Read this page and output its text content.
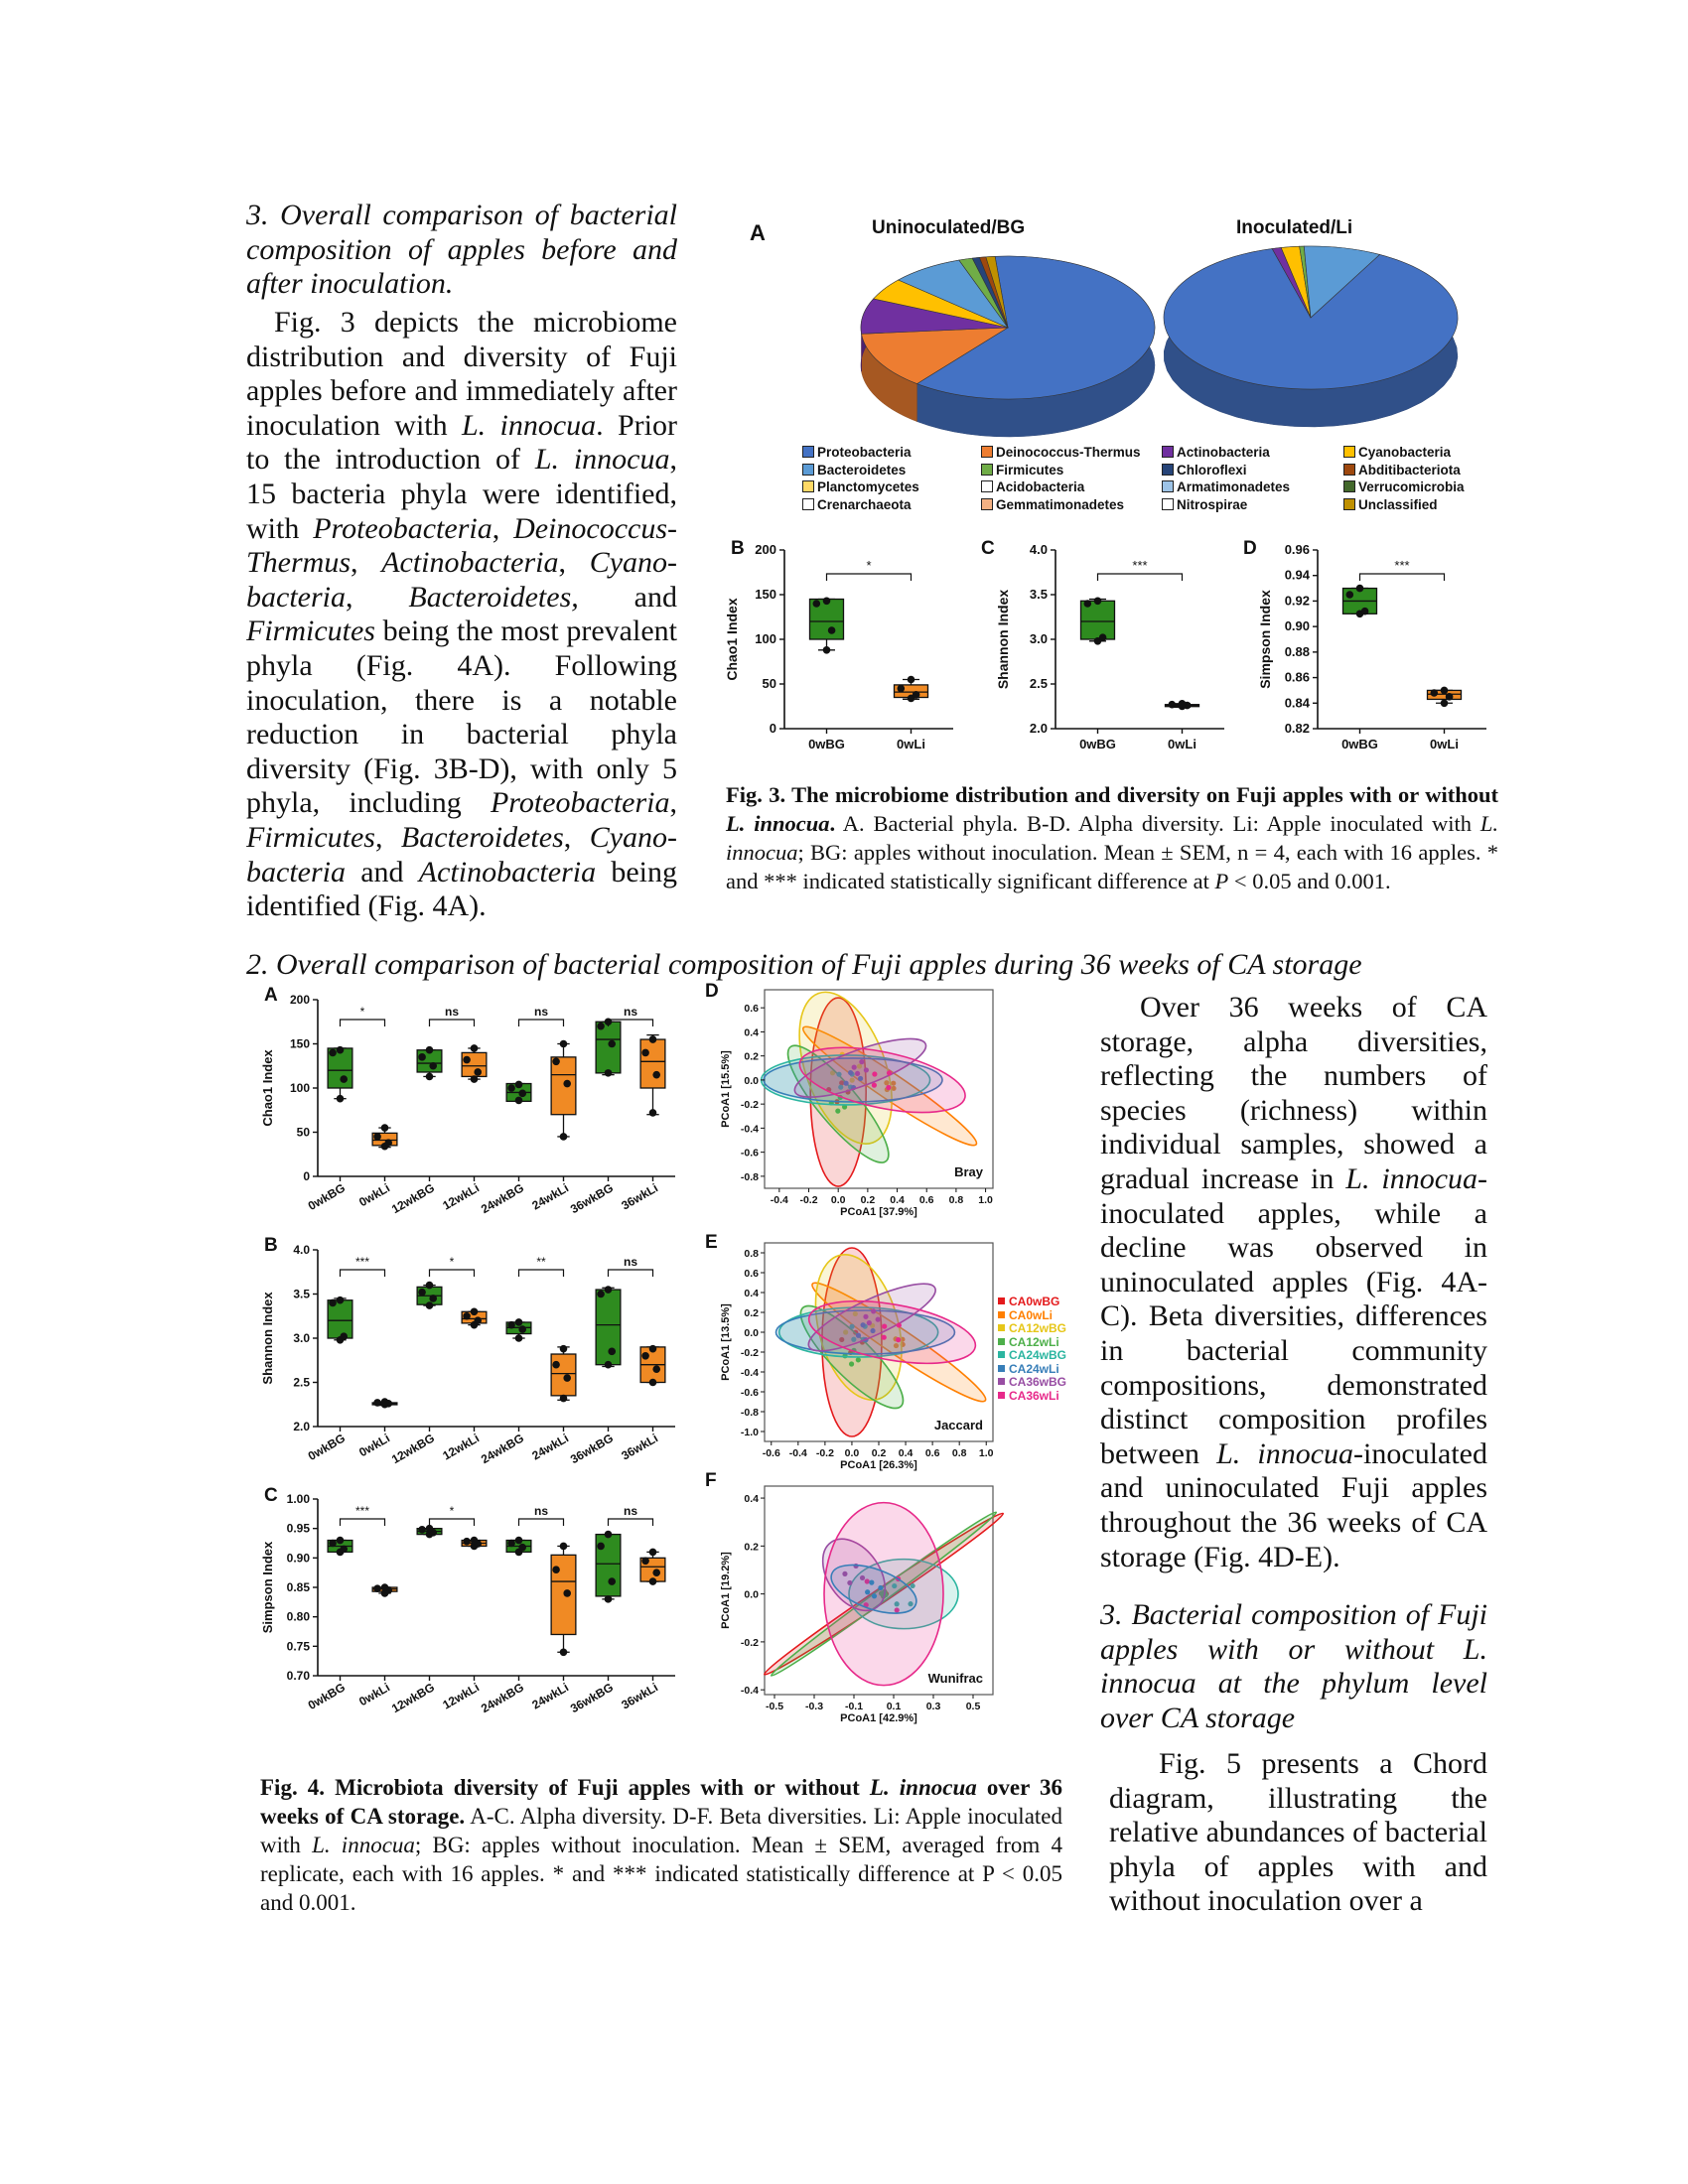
3. Overall comparison of bacterial composition of apples before and after inoculation.
Fig. 3 depicts the microbiome distribution and diversity of Fuji apples before and immediately after inoculation with L. innocua. Prior to the introduction of L. innocua, 15 bacteria phyla were identified, with Proteobacteria, Deinococcus-Thermus, Actinobacteria, Cyano-bacteria, Bacteroidetes, and Firmicutes being the most prevalent phyla (Fig. 4A). Following inoculation, there is a notable reduction in bacterial phyla diversity (Fig. 3B-D), with only 5 phyla, including Proteobacteria, Firmicutes, Bacteroidetes, Cyano-bacteria and Actinobacteria being identified (Fig. 4A).
A	Uninoculated/BG	Inoculated/Li
Proteobacteria	Deinococcus-Thermus	Actinobacteria	Cyanobacteria
Bacteroidetes	Firmicutes	Chloroflexi	Abditibacteriota
Planctomycetes	Acidobacteria	Armatimonadetes	Verrucomicrobia
Crenarchaeota	Gemmatimonadetes	Nitrospirae	Unclassified
0
50
100
150
200
Chao1 Index
0wBG	0wLi
*
B
2.0
2.5
3.0
3.5
4.0
Shannon Index
0wBG	0wLi
***
C
0.82
0.84
0.86
0.88
0.90
0.92
0.94
0.96
Simpson Index
0wBG	0wLi
***
D
Fig. 3. The microbiome distribution and diversity on Fuji apples with or without L. innocua. A. Bacterial phyla. B-D. Alpha diversity. Li: Apple inoculated with L. innocua; BG: apples without inoculation. Mean ± SEM, n = 4, each with 16 apples. * and *** indicated statistically significant difference at P < 0.05 and 0.001.
2. Overall comparison of bacterial composition of Fuji apples during 36 weeks of CA storage
0
50
100
150
200
Chao1 Index
0wkBG 0wkLi
12wkBG 12wkLi
24wkBG 24wkLi
36wkBG 36wkLi
*	ns	ns	ns
A
2.0
2.5
3.0
3.5
4.0
Shannon Index
0wkBG 0wkLi
12wkBG 12wkLi
24wkBG 24wkLi
36wkBG 36wkLi
***	*	**	ns
B
0.70
0.75
0.80
0.85
0.90
0.95
1.00
Simpson Index
0wkBG 0wkLi
12wkBG 12wkLi
24wkBG 24wkLi
36wkBG 36wkLi
***	*	ns	ns
C
-0.8
-0.6
-0.4
-0.2
0.0
0.2
0.4
0.6
-0.4 -0.2 0.0 0.2 0.4 0.6 0.8 1.0
PCoA1 [37.9%]
PCoA1 [15.5%]
Bray
D
-1.0
-0.8
-0.6
-0.4
-0.2
0.0
0.2
0.4
0.6
0.8
-0.6 -0.4 -0.2 0.0 0.2 0.4 0.6 0.8 1.0
PCoA1 [26.3%]
PCoA1 [13.5%]
Jaccard
E
-0.4
-0.2
0.0
0.2
0.4
-0.5 -0.3 -0.1 0.1 0.3 0.5
PCoA1 [42.9%]
PCoA1 [19.2%]
Wunifrac
F
CA0wBG
CA0wLi
CA12wBG
CA12wLi
CA24wBG
CA24wLi
CA36wBG
CA36wLi
Fig. 4. Microbiota diversity of Fuji apples with or without L. innocua over 36 weeks of CA storage. A-C. Alpha diversity. D-F. Beta diversities. Li: Apple inoculated with L. innocua; BG: apples without inoculation. Mean ± SEM, averaged from 4 replicate, each with 16 apples. * and *** indicated statistically difference at P < 0.05 and 0.001.
Over 36 weeks of CA storage, alpha diversities, reflecting the numbers of species (richness) within individual samples, showed a gradual increase in L. innocua-inoculated apples, while a decline was observed in uninoculated apples (Fig. 4A-C). Beta diversities, differences in bacterial community compositions, demonstrated distinct composition profiles between L. innocua-inoculated and uninoculated Fuji apples throughout the 36 weeks of CA storage (Fig. 4D-E).
3. Bacterial composition of Fuji apples with or without L. innocua at the phylum level over CA storage
Fig. 5 presents a Chord diagram, illustrating the relative abundances of bacterial phyla of apples with and without inoculation over a
